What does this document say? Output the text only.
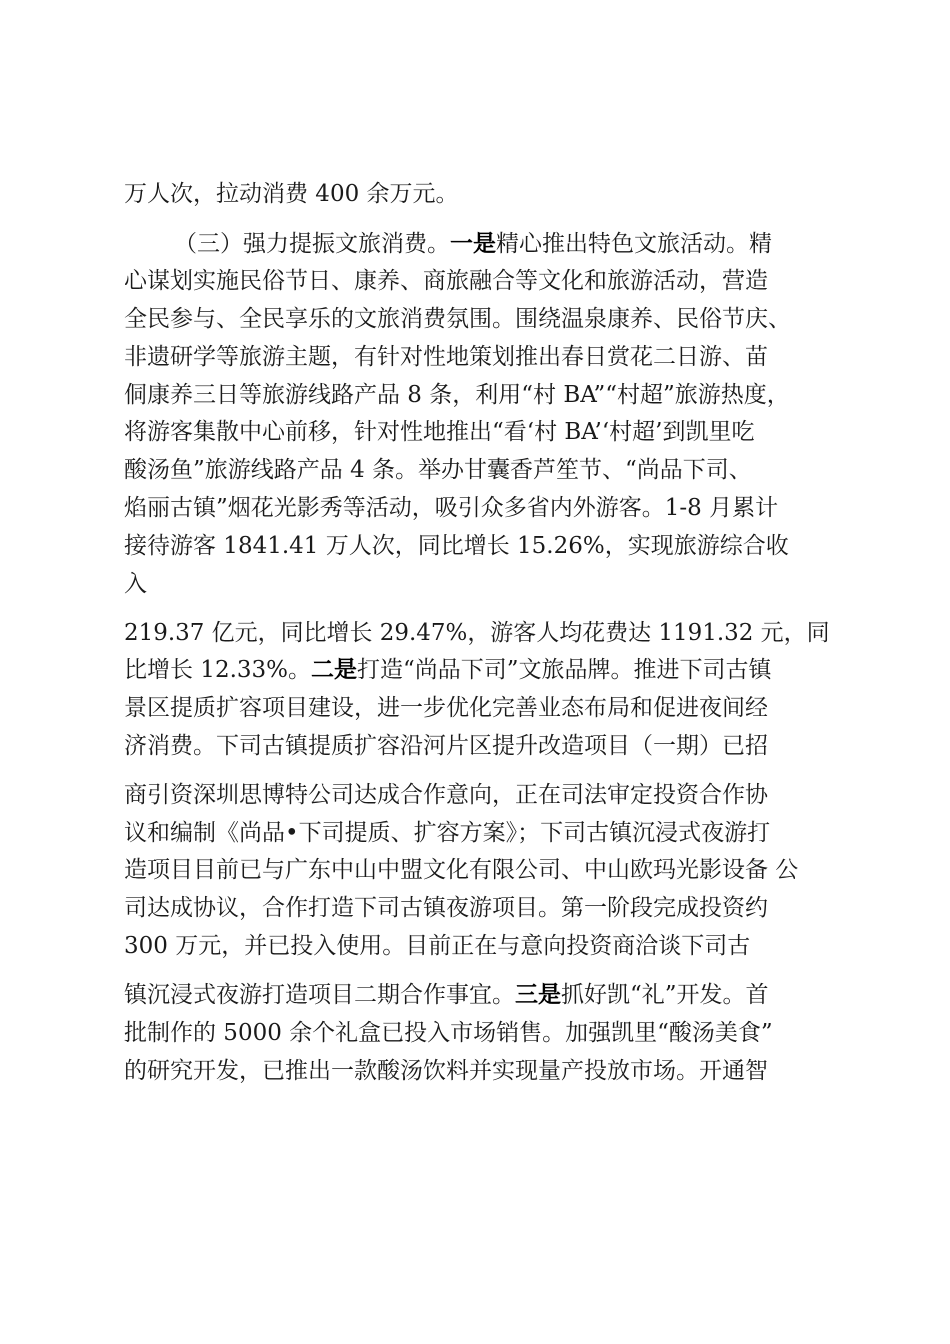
万人次，拉动消费 400 余万元。
（三）强力提振文旅消费。一是精心推出特色文旅活动。精
心谋划实施民俗节日、康养、商旅融合等文化和旅游活动，营造
全民参与、全民享乐的文旅消费氛围。围绕温泉康养、民俗节庆、
非遗研学等旅游主题，有针对性地策划推出春日赏花二日游、苗
侗康养三日等旅游线路产品 8 条，利用“村 BA”“村超”旅游热度，
将游客集散中心前移，针对性地推出“看‘村 BA’‘村超’到凯里吃
酸汤鱼”旅游线路产品 4 条。举办甘囊香芦笙节、“尚品下司、
焰丽古镇”烟花光影秀等活动，吸引众多省内外游客。1-8 月累计
接待游客 1841.41 万人次，同比增长 15.26%，实现旅游综合收
入
219.37 亿元，同比增长 29.47%，游客人均花费达 1191.32 元，同
比增长 12.33%。二是打造“尚品下司”文旅品牌。推进下司古镇
景区提质扩容项目建设，进一步优化完善业态布局和促进夜间经
济消费。下司古镇提质扩容沿河片区提升改造项目（一期）已招
商引资深圳思博特公司达成合作意向，正在司法审定投资合作协
议和编制《尚品•下司提质、扩容方案》；下司古镇沉浸式夜游打
造项目目前已与广东中山中盟文化有限公司、中山欧玛光影设备 公
司达成协议，合作打造下司古镇夜游项目。第一阶段完成投资约
300 万元，并已投入使用。目前正在与意向投资商洽谈下司古
镇沉浸式夜游打造项目二期合作事宜。三是抓好凯“礼”开发。首
批制作的 5000 余个礼盒已投入市场销售。加强凯里“酸汤美食”
的研究开发，已推出一款酸汤饮料并实现量产投放市场。开通智
